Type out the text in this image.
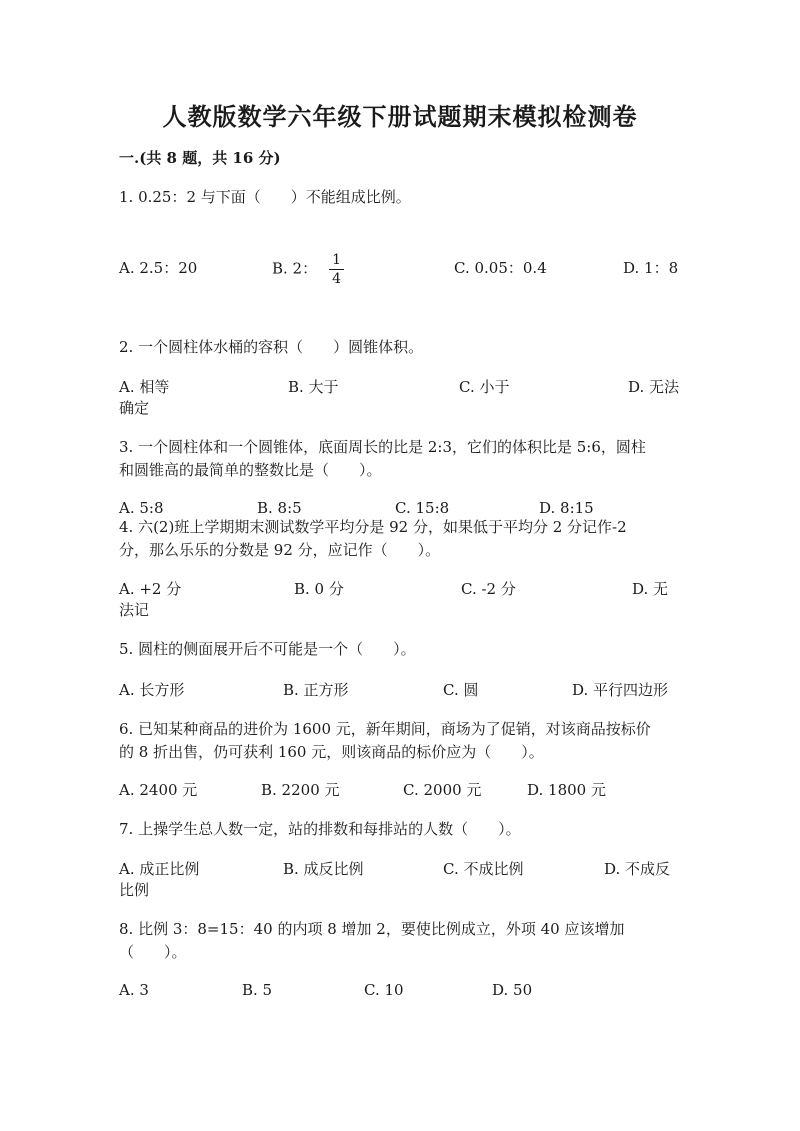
人教版数学六年级下册试题期末模拟检测卷
一.(共 8 题，共 16 分)
1. 0.25：2 与下面（　　）不能组成比例。
A. 2.5：20	B. 2： $\frac{1}{4}$	C. 0.05：0.4	D. 1：8
2. 一个圆柱体水桶的容积（　　）圆锥体积。
A. 相等	B. 大于	C. 小于	D. 无法
确定
3. 一个圆柱体和一个圆锥体，底面周长的比是 2:3，它们的体积比是 5:6，圆柱
和圆锥高的最简单的整数比是（　　）。
A. 5:8	B. 8:5	C. 15:8	D. 8:15
4. 六(2)班上学期期末测试数学平均分是 92 分，如果低于平均分 2 分记作-2
分，那么乐乐的分数是 92 分，应记作（　　）。
A. +2 分	B. 0 分	C. -2 分	D. 无
法记
5. 圆柱的侧面展开后不可能是一个（　　）。
A. 长方形	B. 正方形	C. 圆	D. 平行四边形
6. 已知某种商品的进价为 1600 元，新年期间，商场为了促销，对该商品按标价
的 8 折出售，仍可获利 160 元，则该商品的标价应为（　　）。
A. 2400 元	B. 2200 元	C. 2000 元	D. 1800 元
7. 上操学生总人数一定，站的排数和每排站的人数（　　）。
A. 成正比例	B. 成反比例	C. 不成比例	D. 不成反
比例
8. 比例 3：8=15：40 的内项 8 增加 2，要使比例成立，外项 40 应该增加
（　　）。
A. 3	B. 5	C. 10	D. 50
